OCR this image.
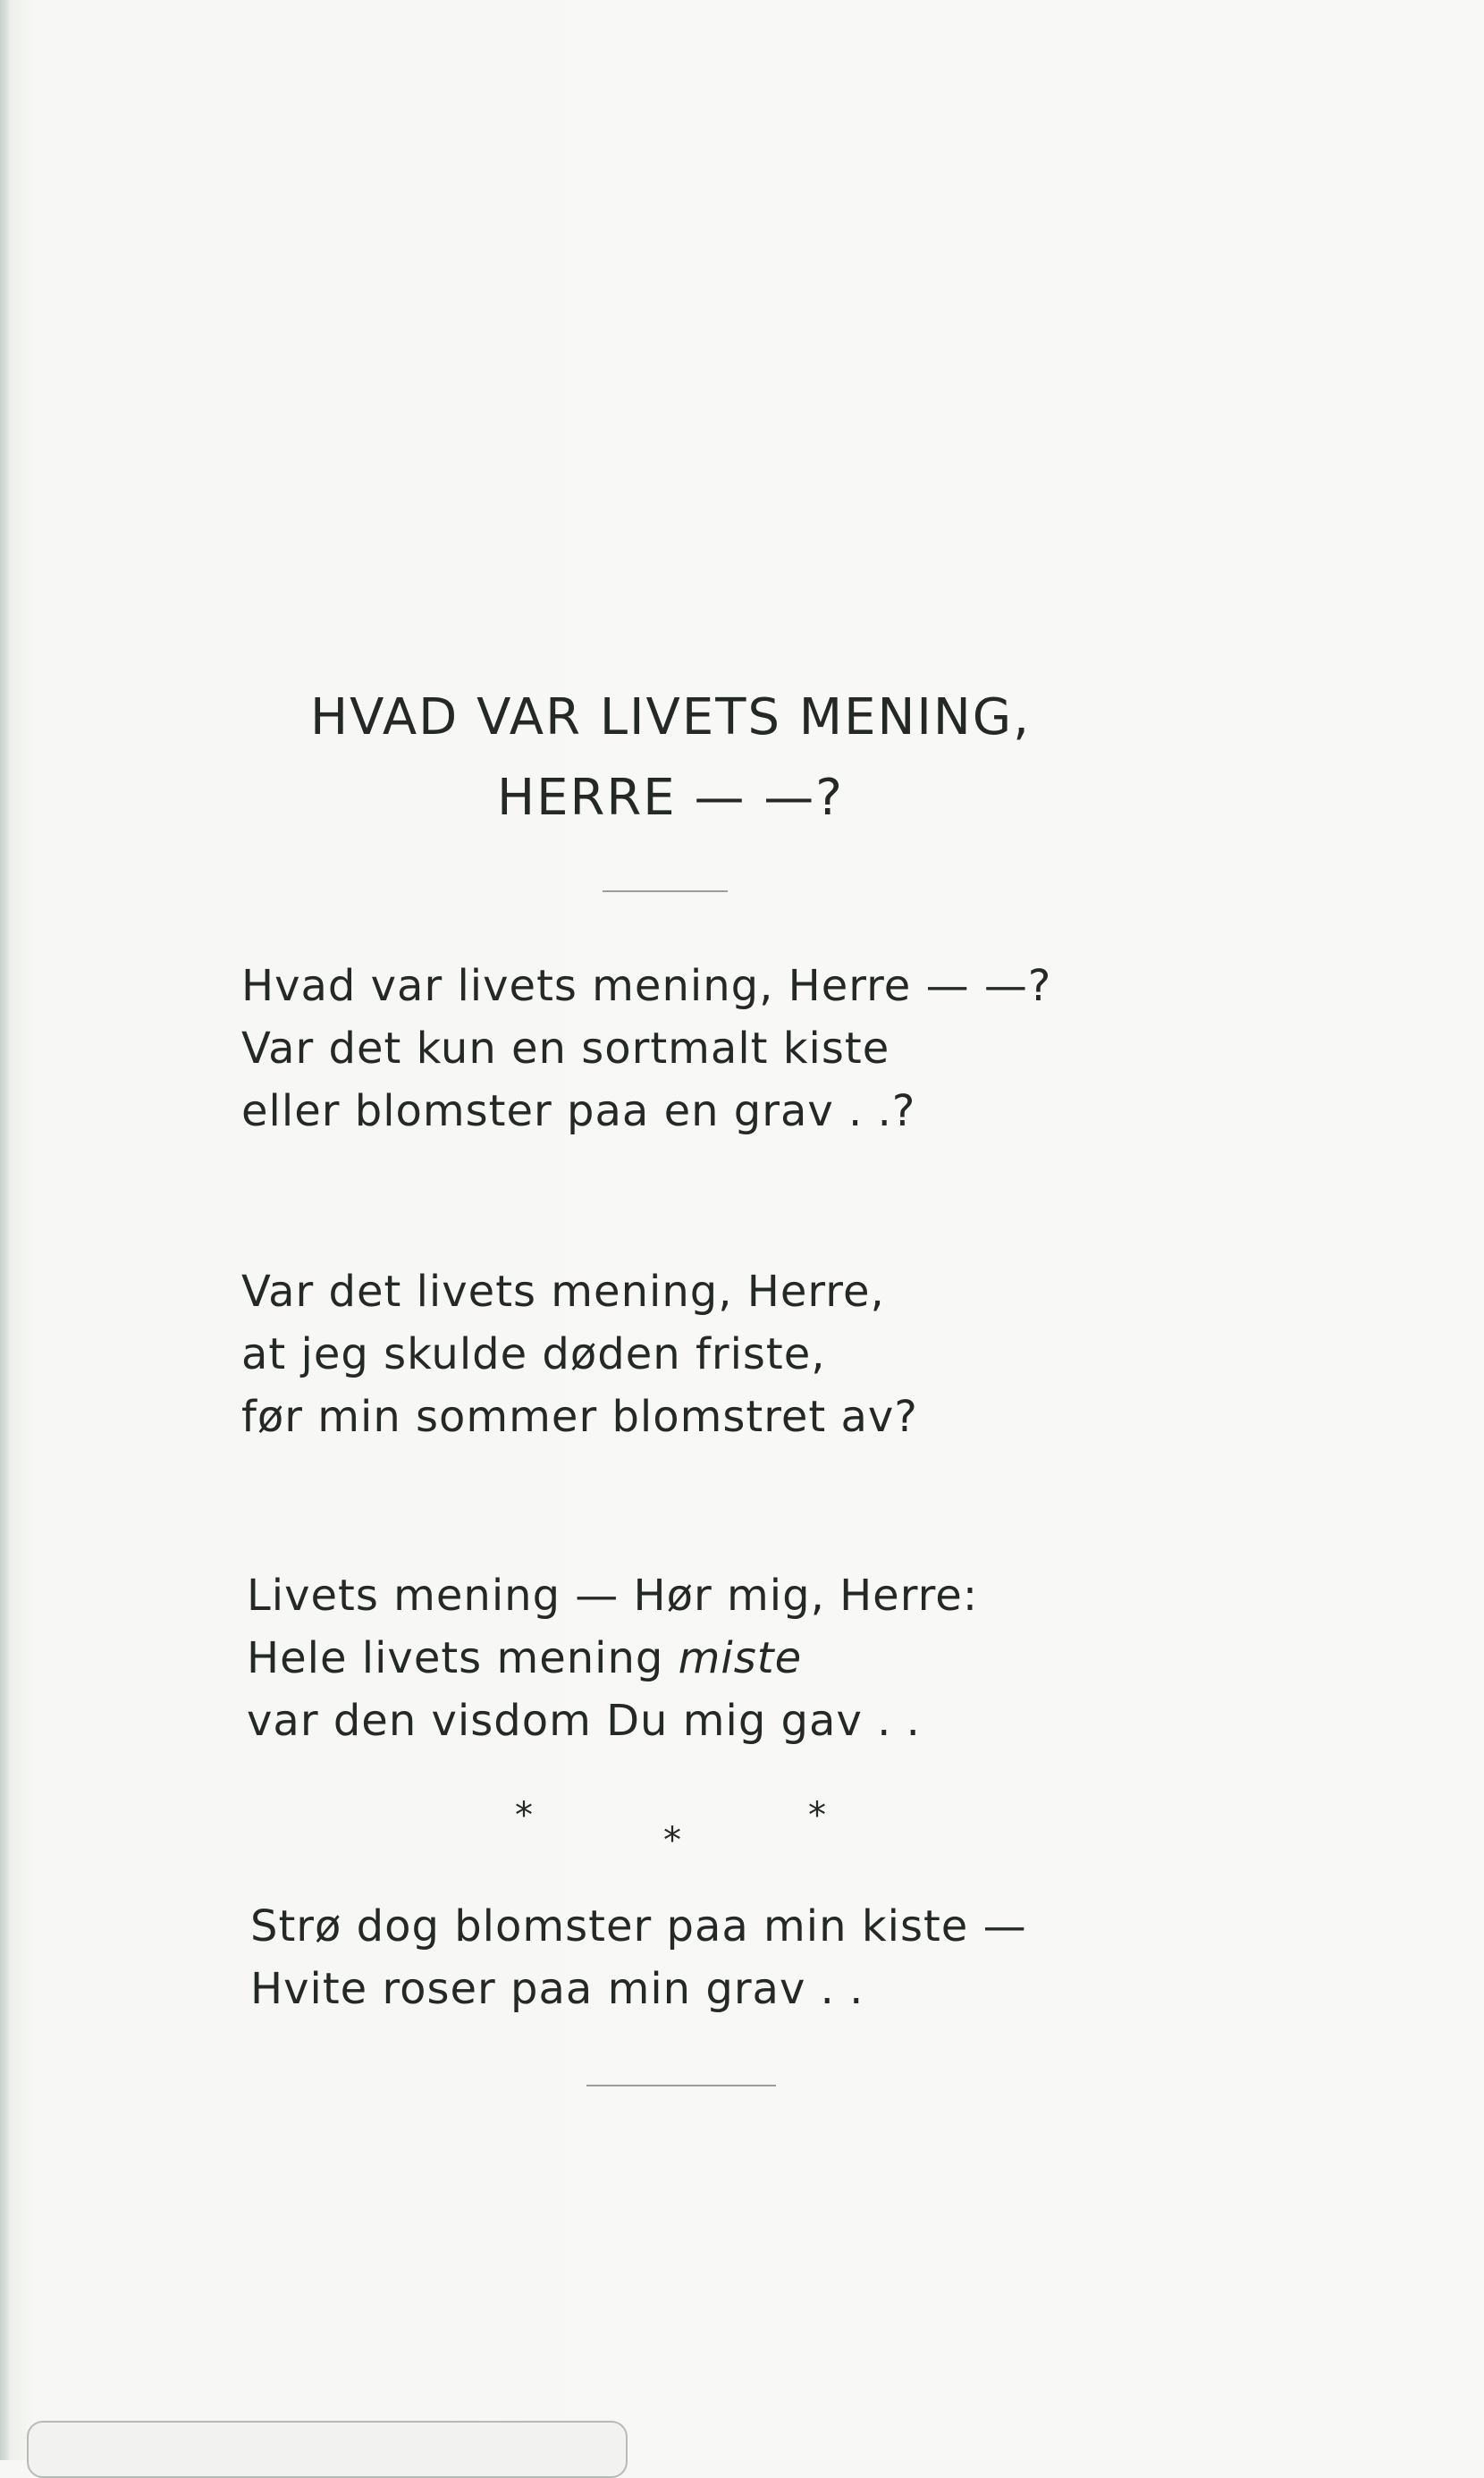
HVAD VAR LIVETS MENING,
HERRE — —?
Hvad var livets mening, Herre — —?
Var det kun en sortmalt kiste
eller blomster paa en grav . .?
Var det livets mening, Herre,
at jeg skulde døden friste,
før min sommer blomstret av?
Livets mening — Hør mig, Herre:
Hele livets mening miste
var den visdom Du mig gav . .
*
*
*
Strø dog blomster paa min kiste —
Hvite roser paa min grav . .
